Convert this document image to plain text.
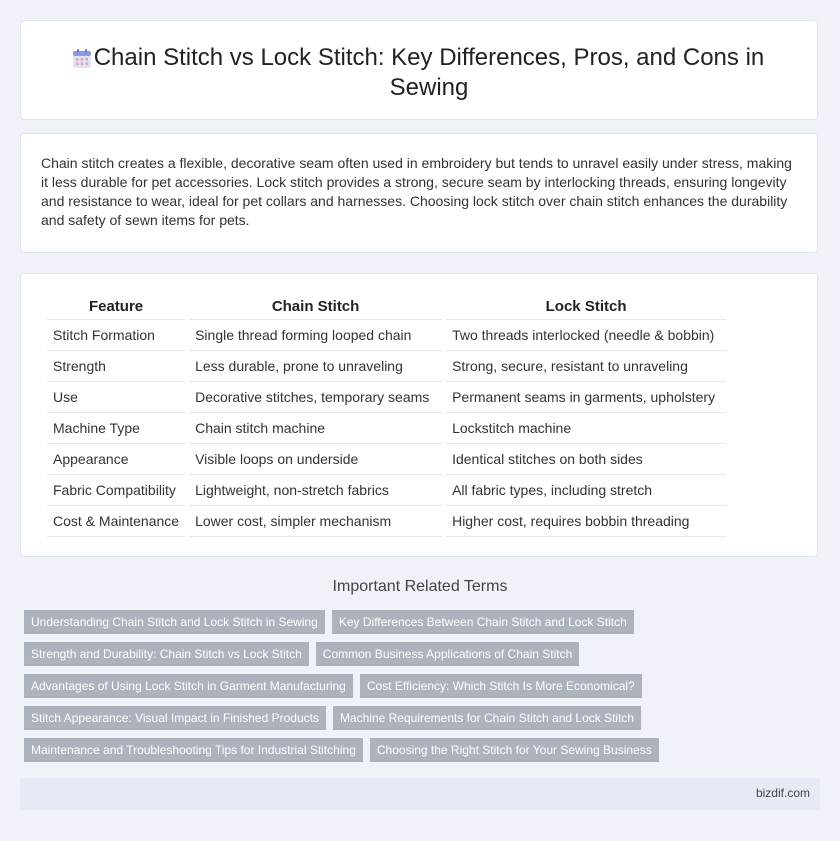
Chain Stitch vs Lock Stitch: Key Differences, Pros, and Cons in Sewing

Chain stitch creates a flexible, decorative seam often used in embroidery but tends to unravel easily under stress, making it less durable for pet accessories. Lock stitch provides a strong, secure seam by interlocking threads, ensuring longevity and resistance to wear, ideal for pet collars and harnesses. Choosing lock stitch over chain stitch enhances the durability and safety of sewn items for pets.

Feature	Chain Stitch	Lock Stitch
Stitch Formation	Single thread forming looped chain	Two threads interlocked (needle & bobbin)
Strength	Less durable, prone to unraveling	Strong, secure, resistant to unraveling
Use	Decorative stitches, temporary seams	Permanent seams in garments, upholstery
Machine Type	Chain stitch machine	Lockstitch machine
Appearance	Visible loops on underside	Identical stitches on both sides
Fabric Compatibility	Lightweight, non-stretch fabrics	All fabric types, including stretch
Cost & Maintenance	Lower cost, simpler mechanism	Higher cost, requires bobbin threading
Important Related Terms
Understanding Chain Stitch and Lock Stitch in Sewing	Key Differences Between Chain Stitch and Lock Stitch
Strength and Durability: Chain Stitch vs Lock Stitch	Common Business Applications of Chain Stitch
Advantages of Using Lock Stitch in Garment Manufacturing	Cost Efficiency: Which Stitch Is More Economical?
Stitch Appearance: Visual Impact in Finished Products	Machine Requirements for Chain Stitch and Lock Stitch
Maintenance and Troubleshooting Tips for Industrial Stitching	Choosing the Right Stitch for Your Sewing Business
bizdif.com
